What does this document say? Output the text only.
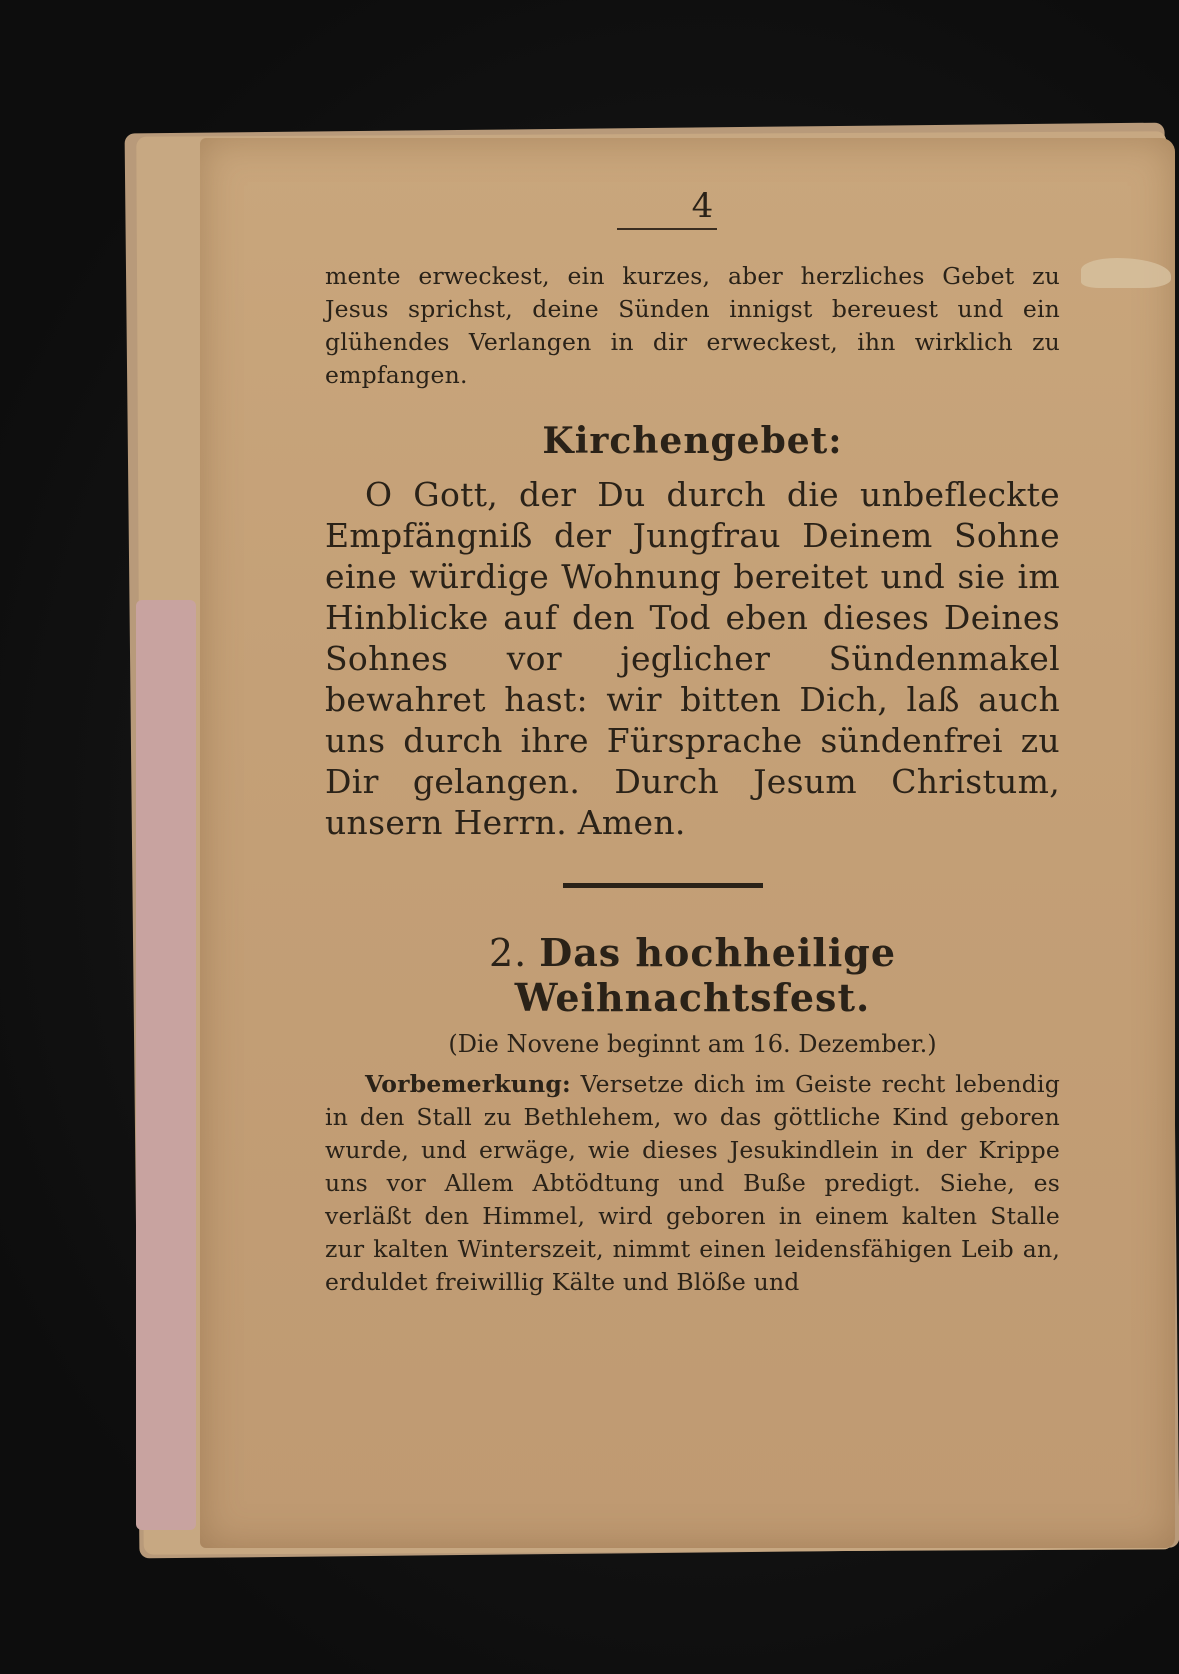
4

mente erweckest, ein kurzes, aber herzliches Gebet zu Jesus sprichst, deine Sünden innigst bereuest und ein glühendes Verlangen in dir erweckest, ihn wirklich zu empfangen.

Kirchengebet:

O Gott, der Du durch die unbefleckte Empfängniß der Jungfrau Deinem Sohne eine würdige Wohnung bereitet und sie im Hinblicke auf den Tod eben dieses Deines Sohnes vor jeglicher Sündenmakel bewahret hast: wir bitten Dich, laß auch uns durch ihre Fürsprache sündenfrei zu Dir gelangen. Durch Jesum Christum, unsern Herrn. Amen.

2. Das hochheilige Weihnachtsfest.
(Die Novene beginnt am 16. Dezember.)

Vorbemerkung: Versetze dich im Geiste recht lebendig in den Stall zu Bethlehem, wo das göttliche Kind geboren wurde, und erwäge, wie dieses Jesukindlein in der Krippe uns vor Allem Abtödtung und Buße predigt. Siehe, es verläßt den Himmel, wird geboren in einem kalten Stalle zur kalten Winterszeit, nimmt einen leidensfähigen Leib an, erduldet freiwillig Kälte und Blöße und
